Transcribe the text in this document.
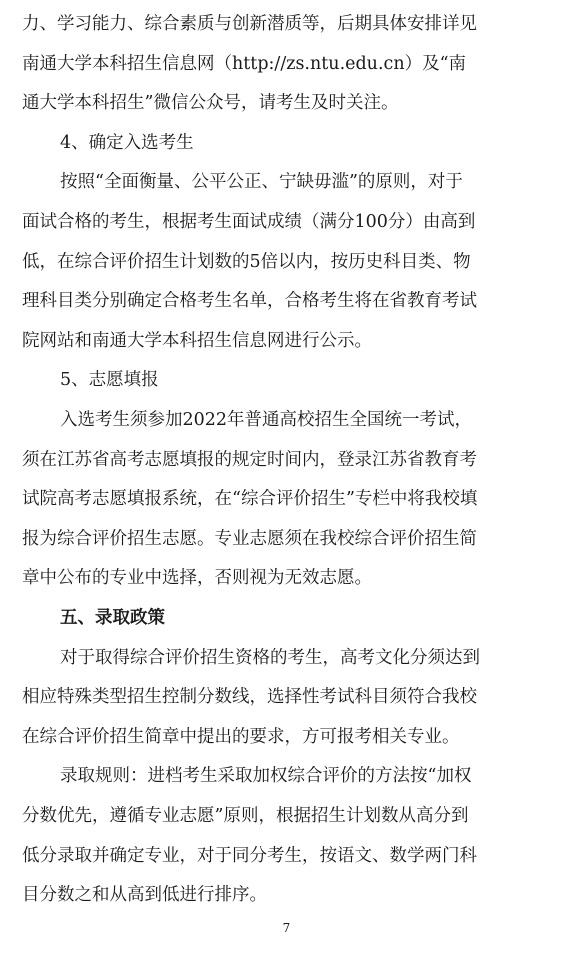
力、学习能力、综合素质与创新潜质等，后期具体安排详见
南通大学本科招生信息网（http://zs.ntu.edu.cn）及“南
通大学本科招生”微信公众号，请考生及时关注。
4、确定入选考生
按照“全面衡量、公平公正、宁缺毋滥”的原则，对于
面试合格的考生，根据考生面试成绩（满分100分）由高到
低，在综合评价招生计划数的5倍以内，按历史科目类、物
理科目类分别确定合格考生名单，合格考生将在省教育考试
院网站和南通大学本科招生信息网进行公示。
5、志愿填报
入选考生须参加2022年普通高校招生全国统一考试，
须在江苏省高考志愿填报的规定时间内，登录江苏省教育考
试院高考志愿填报系统，在“综合评价招生”专栏中将我校填
报为综合评价招生志愿。专业志愿须在我校综合评价招生简
章中公布的专业中选择，否则视为无效志愿。
五、录取政策
对于取得综合评价招生资格的考生，高考文化分须达到
相应特殊类型招生控制分数线，选择性考试科目须符合我校
在综合评价招生简章中提出的要求，方可报考相关专业。
录取规则：进档考生采取加权综合评价的方法按“加权
分数优先，遵循专业志愿”原则，根据招生计划数从高分到
低分录取并确定专业，对于同分考生，按语文、数学两门科
目分数之和从高到低进行排序。
7
